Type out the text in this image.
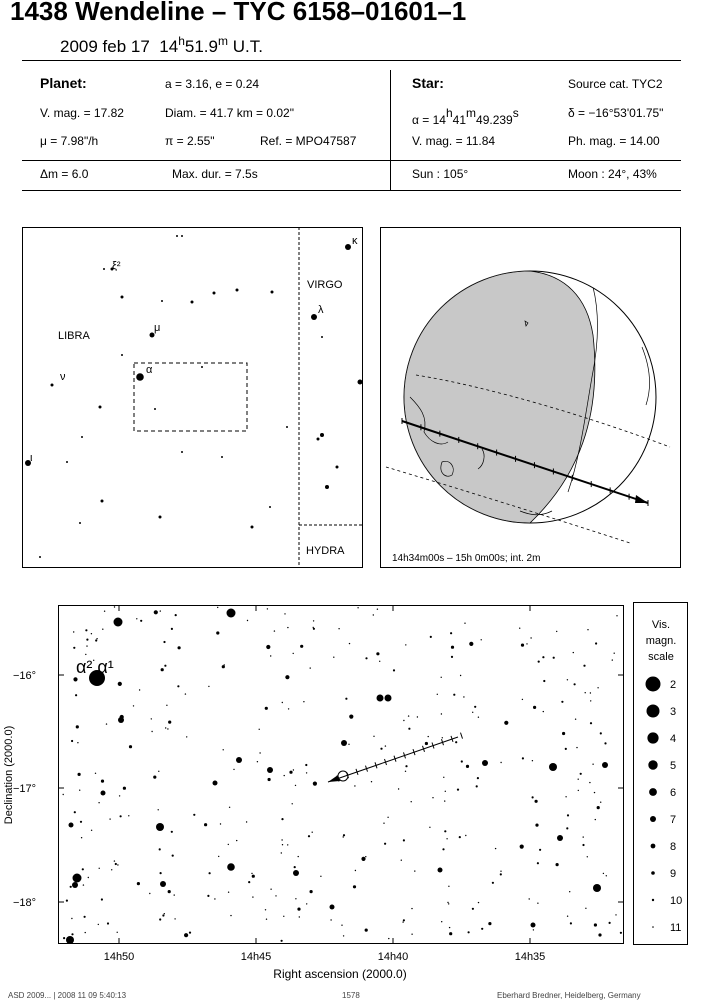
1438 Wendeline – TYC 6158–01601–1
2009 feb 17 14$^h$51.9$^m$ U.T.
Planet:	a = 3.16, e = 0.24
V. mag. = 17.82	Diam. = 41.7 km = 0.02"
μ = 7.98"/h	π = 2.55"	Ref. = MPO47587
Star:	Source cat. TYC2
α = 14h41m49.239s	δ = −16°53'01.75"
V. mag. = 11.84	Ph. mag. = 14.00
Δm = 6.0	Max. dur. = 7.5s	Sun : 105°	Moon : 24°, 43%
LIBRA
VIRGO
HYDRA
κ
ξ²
λ
μ
α
ν
ι
14h34m00s – 15h 0m00s; int. 2m
α² α¹
−16°
−17°
−18°
14h50	14h45	14h40	14h35
Right ascension (2000.0)
Declination (2000.0)
Vis.
magn.
scale
2
3
4
5
6
7
8
9
10
11
ASD 2009... | 2008 11 09 5:40:13	1578	Eberhard Bredner, Heidelberg, Germany
